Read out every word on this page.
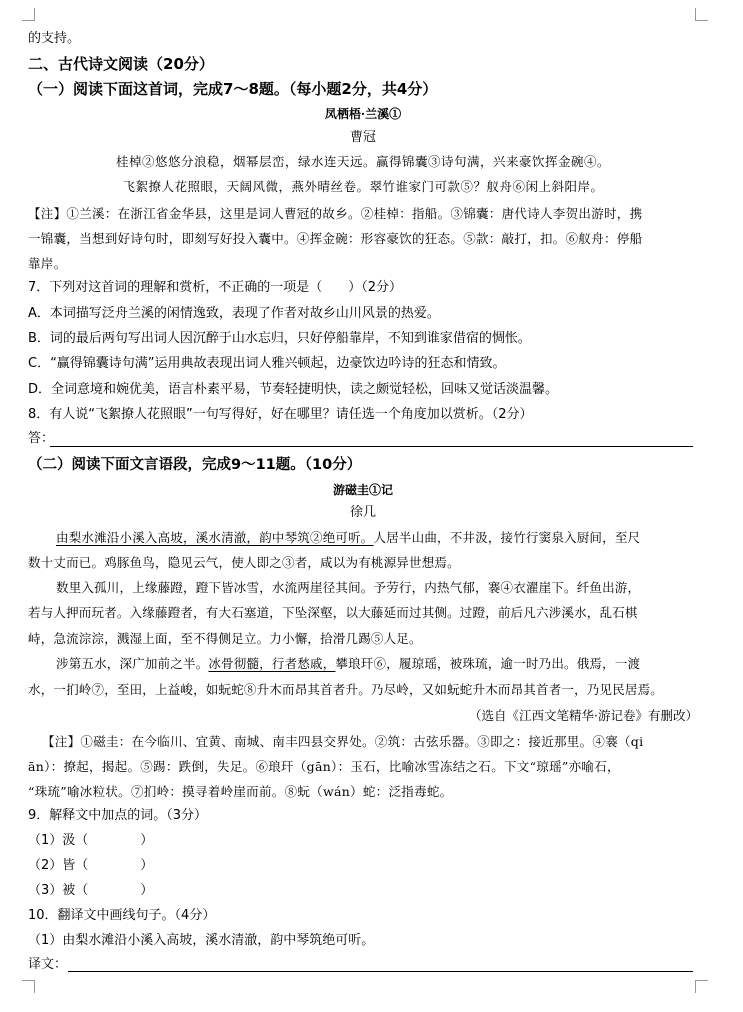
的支持。
二、古代诗文阅读（20分）
（一）阅读下面这首词，完成7～8题。（每小题2分，共4分）
凤栖梧·兰溪①
曹冠
桂棹②悠悠分浪稳，烟幂层峦，绿水连天远。赢得锦囊③诗句满，兴来豪饮挥金碗④。
飞絮撩人花照眼，天阔风微，燕外晴丝卷。翠竹谁家门可款⑤？舣舟⑥闲上斜阳岸。
【注】①兰溪：在浙江省金华县，这里是词人曹冠的故乡。②桂棹：指船。③锦囊：唐代诗人李贺出游时，携
一锦囊，当想到好诗句时，即刻写好投入囊中。④挥金碗：形容豪饮的狂态。⑤款：敲打，扣。⑥舣舟：停船
靠岸。
7．下列对这首词的理解和赏析，不正确的一项是（　　）（2分）
A．本词描写泛舟兰溪的闲情逸致，表现了作者对故乡山川风景的热爱。
B．词的最后两句写出词人因沉醉于山水忘归，只好停船靠岸，不知到谁家借宿的惆怅。
C．“赢得锦囊诗句满”运用典故表现出词人雅兴顿起，边豪饮边吟诗的狂态和情致。
D．全词意境和婉优美，语言朴素平易，节奏轻捷明快，读之颇觉轻松，回味又觉话淡温馨。
8．有人说“飞絮撩人花照眼”一句写得好，好在哪里？请任选一个角度加以赏析。（2分）
答：
（二）阅读下面文言语段，完成9～11题。（10分）
游磁圭①记
徐几
由梨水滩沿小溪入高坡，溪水清澈，韵中琴筑②绝可听。人居半山曲，不井汲，接竹行窦泉入厨间，至尺
数十丈而已。鸡豚鱼鸟，隐见云气，使人即之③者，咸以为有桃源异世想焉。
数里入孤川，上缘藤蹬，蹬下皆冰雪，水流两崖径其间。予劳行，内热气郁，褰④衣濯崖下。纤鱼出游，
若与人押而玩者。入缘藤蹬者，有大石塞道，下坠深壑，以大藤延而过其侧。过蹬，前后凡六涉溪水，乱石棋
峙，急流淙淙，溅湿上面，至不得侧足立。力小懈，拾滑几踢⑤人足。
涉第五水，深广加前之半。冰骨彻髓，行者愁戚，攀琅玕⑥，履琼瑶，被珠琉，逾一时乃出。俄焉，一渡
水，一扪岭⑦，至田，上益峻，如蚖蛇⑧升木而昂其首者升。乃尽岭，又如蚖蛇升木而昂其首者一，乃见民居焉。
（选自《江西文笔精华·游记卷》有删改）
【注】①磁圭：在今临川、宜黄、南城、南丰四县交界处。②筑：古弦乐器。③即之：接近那里。④褰（qi
ān）：撩起，揭起。⑤踢：跌倒，失足。⑥琅玕（gān）：玉石，比喻冰雪冻结之石。下文“琼瑶”亦喻石，
“珠琉”喻冰粒状。⑦扪岭：摸寻着岭崖而前。⑧蚖（wán）蛇：泛指毒蛇。
9．解释文中加点的词。（3分）
（1）汲（　　　　）
（2）皆（　　　　）
（3）被（　　　　）
10．翻译文中画线句子。（4分）
（1）由梨水滩沿小溪入高坡，溪水清澈，韵中琴筑绝可听。
译文：
